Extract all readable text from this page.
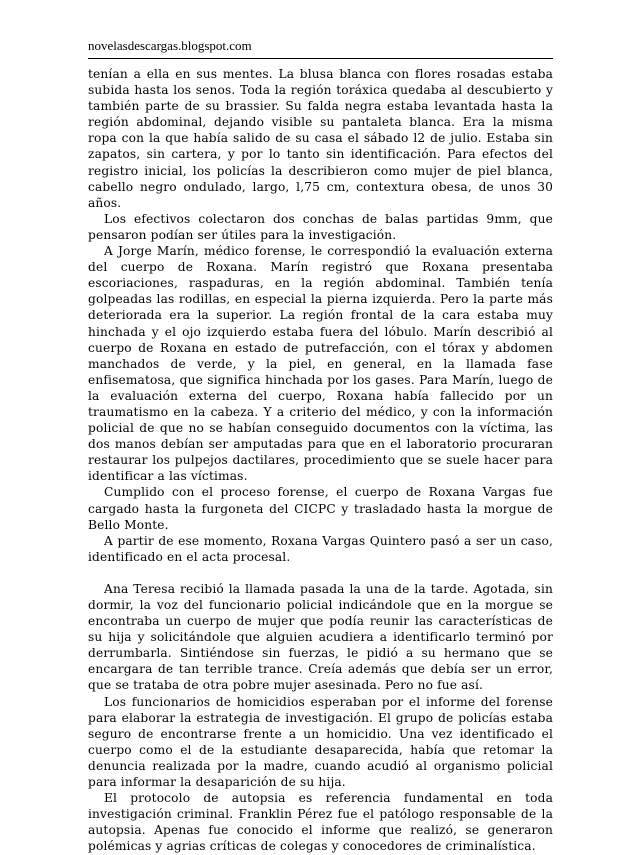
novelasdescargas.blogspot.com

tenían a ella en sus mentes. La blusa blanca con flores rosadas estaba subida hasta los senos. Toda la región toráxica quedaba al descubierto y también parte de su brassier. Su falda negra estaba levantada hasta la región abdominal, dejando visible su pantaleta blanca. Era la misma ropa con la que había salido de su casa el sábado l2 de julio. Estaba sin zapatos, sin cartera, y por lo tanto sin identificación. Para efectos del registro inicial, los policías la describieron como mujer de piel blanca, cabello negro ondulado, largo, l,75 cm, contextura obesa, de unos 30 años.

Los efectivos colectaron dos conchas de balas partidas 9mm, que pensaron podían ser útiles para la investigación.

A Jorge Marín, médico forense, le correspondió la evaluación externa del cuerpo de Roxana. Marín registró que Roxana presentaba escoriaciones, raspaduras, en la región abdominal. También tenía golpeadas las rodillas, en especial la pierna izquierda. Pero la parte más deteriorada era la superior. La región frontal de la cara estaba muy hinchada y el ojo izquierdo estaba fuera del lóbulo. Marín describió al cuerpo de Roxana en estado de putrefacción, con el tórax y abdomen manchados de verde, y la piel, en general, en la llamada fase enfisematosa, que significa hinchada por los gases. Para Marín, luego de la evaluación externa del cuerpo, Roxana había fallecido por un traumatismo en la cabeza. Y a criterio del médico, y con la información policial de que no se habían conseguido documentos con la víctima, las dos manos debían ser amputadas para que en el laboratorio procuraran restaurar los pulpejos dactilares, procedimiento que se suele hacer para identificar a las víctimas.

Cumplido con el proceso forense, el cuerpo de Roxana Vargas fue cargado hasta la furgoneta del CICPC y trasladado hasta la morgue de Bello Monte.

A partir de ese momento, Roxana Vargas Quintero pasó a ser un caso, identificado en el acta procesal.

Ana Teresa recibió la llamada pasada la una de la tarde. Agotada, sin dormir, la voz del funcionario policial indicándole que en la morgue se encontraba un cuerpo de mujer que podía reunir las características de su hija y solicitándole que alguien acudiera a identificarlo terminó por derrumbarla. Sintiéndose sin fuerzas, le pidió a su hermano que se encargara de tan terrible trance. Creía además que debía ser un error, que se trataba de otra pobre mujer asesinada. Pero no fue así.

Los funcionarios de homicidios esperaban por el informe del forense para elaborar la estrategia de investigación. El grupo de policías estaba seguro de encontrarse frente a un homicidio. Una vez identificado el cuerpo como el de la estudiante desaparecida, había que retomar la denuncia realizada por la madre, cuando acudió al organismo policial para informar la desaparición de su hija.

El protocolo de autopsia es referencia fundamental en toda investigación criminal. Franklin Pérez fue el patólogo responsable de la autopsia. Apenas fue conocido el informe que realizó, se generaron polémicas y agrias críticas de colegas y conocedores de criminalística.
